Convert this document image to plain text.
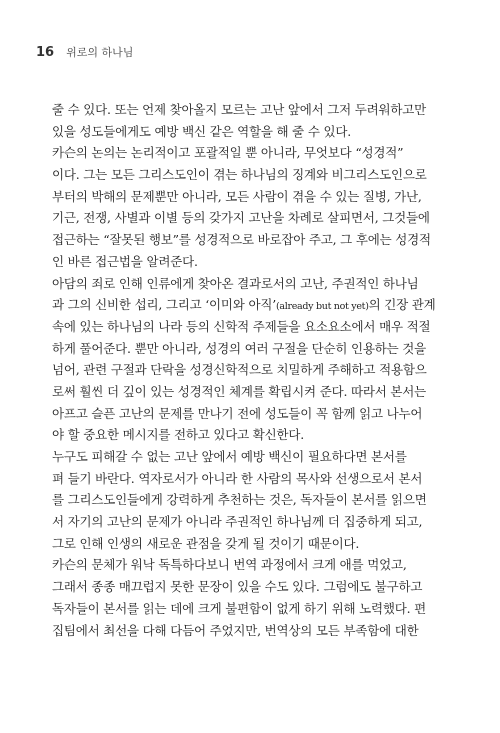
16 위로의 하나님
줄 수 있다. 또는 언제 찾아올지 모르는 고난 앞에서 그저 두려워하고만
있을 성도들에게도 예방 백신 같은 역할을 해 줄 수 있다.
카슨의 논의는 논리적이고 포괄적일 뿐 아니라, 무엇보다 “성경적”
이다. 그는 모든 그리스도인이 겪는 하나님의 징계와 비그리스도인으로
부터의 박해의 문제뿐만 아니라, 모든 사람이 겪을 수 있는 질병, 가난,
기근, 전쟁, 사별과 이별 등의 갖가지 고난을 차례로 살피면서, 그것들에
접근하는 “잘못된 행보”를 성경적으로 바로잡아 주고, 그 후에는 성경적
인 바른 접근법을 알려준다.
아담의 죄로 인해 인류에게 찾아온 결과로서의 고난, 주권적인 하나님
과 그의 신비한 섭리, 그리고 ‘이미와 아직’(already but not yet)의 긴장 관계
속에 있는 하나님의 나라 등의 신학적 주제들을 요소요소에서 매우 적절
하게 풀어준다. 뿐만 아니라, 성경의 여러 구절을 단순히 인용하는 것을
넘어, 관련 구절과 단락을 성경신학적으로 치밀하게 주해하고 적용함으
로써 훨씬 더 깊이 있는 성경적인 체계를 확립시켜 준다. 따라서 본서는
아프고 슬픈 고난의 문제를 만나기 전에 성도들이 꼭 함께 읽고 나누어
야 할 중요한 메시지를 전하고 있다고 확신한다.
누구도 피해갈 수 없는 고난 앞에서 예방 백신이 필요하다면 본서를
펴 들기 바란다. 역자로서가 아니라 한 사람의 목사와 선생으로서 본서
를 그리스도인들에게 강력하게 추천하는 것은, 독자들이 본서를 읽으면
서 자기의 고난의 문제가 아니라 주권적인 하나님께 더 집중하게 되고,
그로 인해 인생의 새로운 관점을 갖게 될 것이기 때문이다.
카슨의 문체가 워낙 독특하다보니 번역 과정에서 크게 애를 먹었고,
그래서 종종 매끄럽지 못한 문장이 있을 수도 있다. 그럼에도 불구하고
독자들이 본서를 읽는 데에 크게 불편함이 없게 하기 위해 노력했다. 편
집팀에서 최선을 다해 다듬어 주었지만, 번역상의 모든 부족함에 대한
